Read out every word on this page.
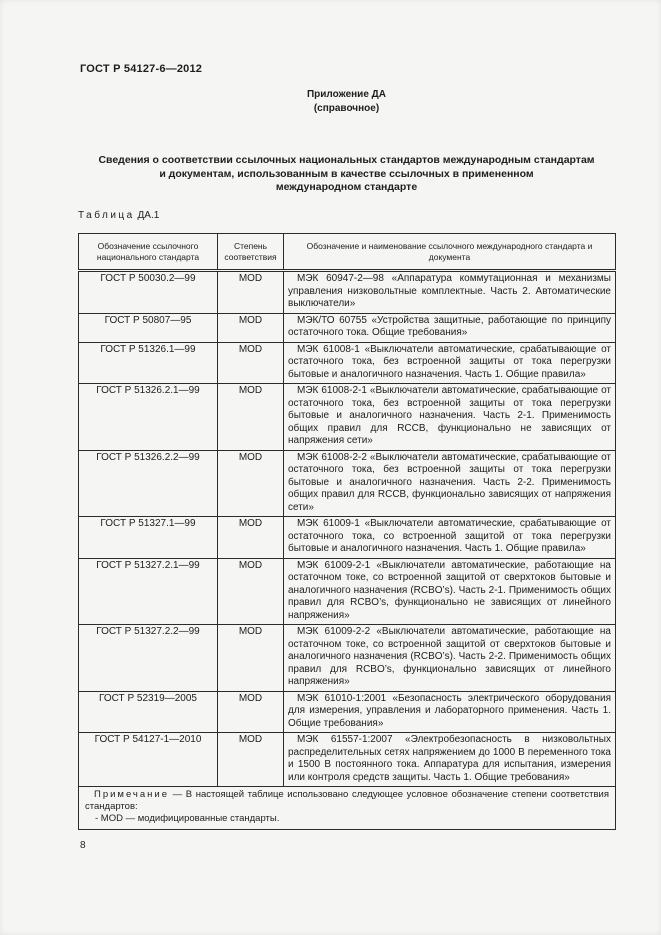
ГОСТ Р 54127-6—2012
Приложение ДА
(справочное)
Сведения о соответствии ссылочных национальных стандартов международным стандартам
и документам, использованным в качестве ссылочных в примененном
международном стандарте
Таблица ДА.1
Обозначение ссылочного национального стандарта	Степень соответствия	Обозначение и наименование ссылочного международного стандарта и документа
ГОСТ Р 50030.2—99	MOD	МЭК 60947-2—98 «Аппаратура коммутационная и механизмы управления низковольтные комплектные. Часть 2. Автоматические выключатели»
ГОСТ Р 50807—95	MOD	МЭК/ТО 60755 «Устройства защитные, работающие по принципу остаточного тока. Общие требования»
ГОСТ Р 51326.1—99	MOD	МЭК 61008-1 «Выключатели автоматические, срабатывающие от остаточного тока, без встроенной защиты от тока перегрузки бытовые и аналогичного назначения. Часть 1. Общие правила»
ГОСТ Р 51326.2.1—99	MOD	МЭК 61008-2-1 «Выключатели автоматические, срабатывающие от остаточного тока, без встроенной защиты от тока перегрузки бытовые и аналогичного назначения. Часть 2-1. Применимость общих правил для RCCB, функционально не зависящих от напряжения сети»
ГОСТ Р 51326.2.2—99	MOD	МЭК 61008-2-2 «Выключатели автоматические, срабатывающие от остаточного тока, без встроенной защиты от тока перегрузки бытовые и аналогичного назначения. Часть 2-2. Применимость общих правил для RCCB, функционально зависящих от напряжения сети»
ГОСТ Р 51327.1—99	MOD	МЭК 61009-1 «Выключатели автоматические, срабатывающие от остаточного тока, со встроенной защитой от тока перегрузки бытовые и аналогичного назначения. Часть 1. Общие правила»
ГОСТ Р 51327.2.1—99	MOD	МЭК 61009-2-1 «Выключатели автоматические, работающие на остаточном токе, со встроенной защитой от сверхтоков бытовые и аналогичного назначения (RCBO’s). Часть 2-1. Применимость общих правил для RCBO’s, функционально не зависящих от линейного напряжения»
ГОСТ Р 51327.2.2—99	MOD	МЭК 61009-2-2 «Выключатели автоматические, работающие на остаточном токе, со встроенной защитой от сверхтоков бытовые и аналогичного назначения (RCBO’s). Часть 2-2. Применимость общих правил для RCBO’s, функционально зависящих от линейного напряжения»
ГОСТ Р 52319—2005	MOD	МЭК 61010-1:2001 «Безопасность электрического оборудования для измерения, управления и лабораторного применения. Часть 1. Общие требования»
ГОСТ Р 54127-1—2010	MOD	МЭК 61557-1:2007 «Электробезопасность в низковольтных распределительных сетях напряжением до 1000 В переменного тока и 1500 В постоянного тока. Аппаратура для испытания, измерения или контроля средств защиты. Часть 1. Общие требования»

Примечание — В настоящей таблице использовано следующее условное обозначение степени соответствия стандартов:
- MOD — модифицированные стандарты.		
8
